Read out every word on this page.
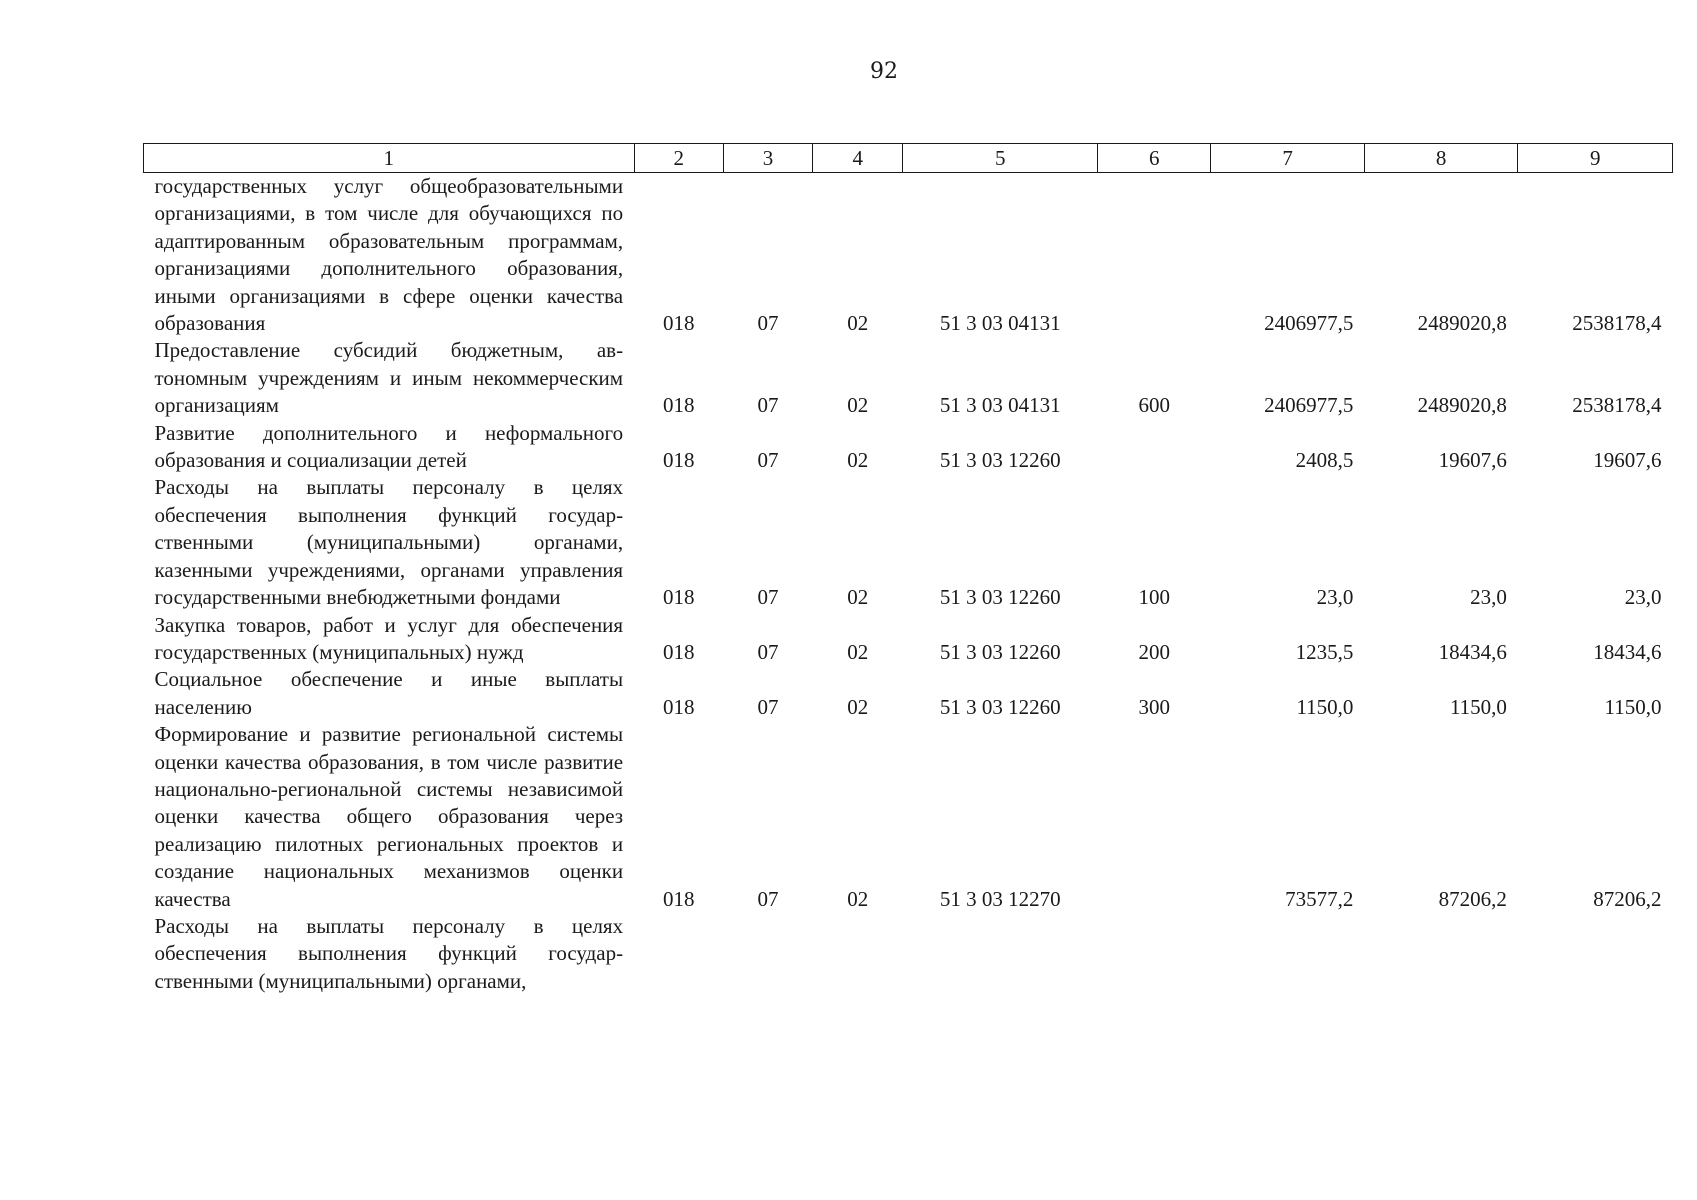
92
1	2	3	4	5	6	7	8	9
государственных услуг общеобразовательными организациями, в том числе для обучающихся по адаптированным образовательным программам, организациями дополнительного образования, иными организациями в сфере оценки качества образования	018	07	02	51 3 03 04131		2406977,5	2489020,8	2538178,4
Предоставление субсидий бюджетным, автономным учреждениям и иным некоммерческим организациям	018	07	02	51 3 03 04131	600	2406977,5	2489020,8	2538178,4
Развитие дополнительного и неформального образования и социализации детей	018	07	02	51 3 03 12260		2408,5	19607,6	19607,6
Расходы на выплаты персоналу в целях обеспечения выполнения функций государственными (муниципальными) органами, казенными учреждениями, органами управления государственными внебюджетными фондами	018	07	02	51 3 03 12260	100	23,0	23,0	23,0
Закупка товаров, работ и услуг для обеспечения государственных (муниципальных) нужд	018	07	02	51 3 03 12260	200	1235,5	18434,6	18434,6
Социальное обеспечение и иные выплаты населению	018	07	02	51 3 03 12260	300	1150,0	1150,0	1150,0
Формирование и развитие региональной системы оценки качества образования, в том числе развитие национально-региональной системы независимой оценки качества общего образования через реализацию пилотных региональных проектов и создание национальных механизмов оценки качества	018	07	02	51 3 03 12270		73577,2	87206,2	87206,2
Расходы на выплаты персоналу в целях обеспечения выполнения функций государственными (муниципальными) органами,								
